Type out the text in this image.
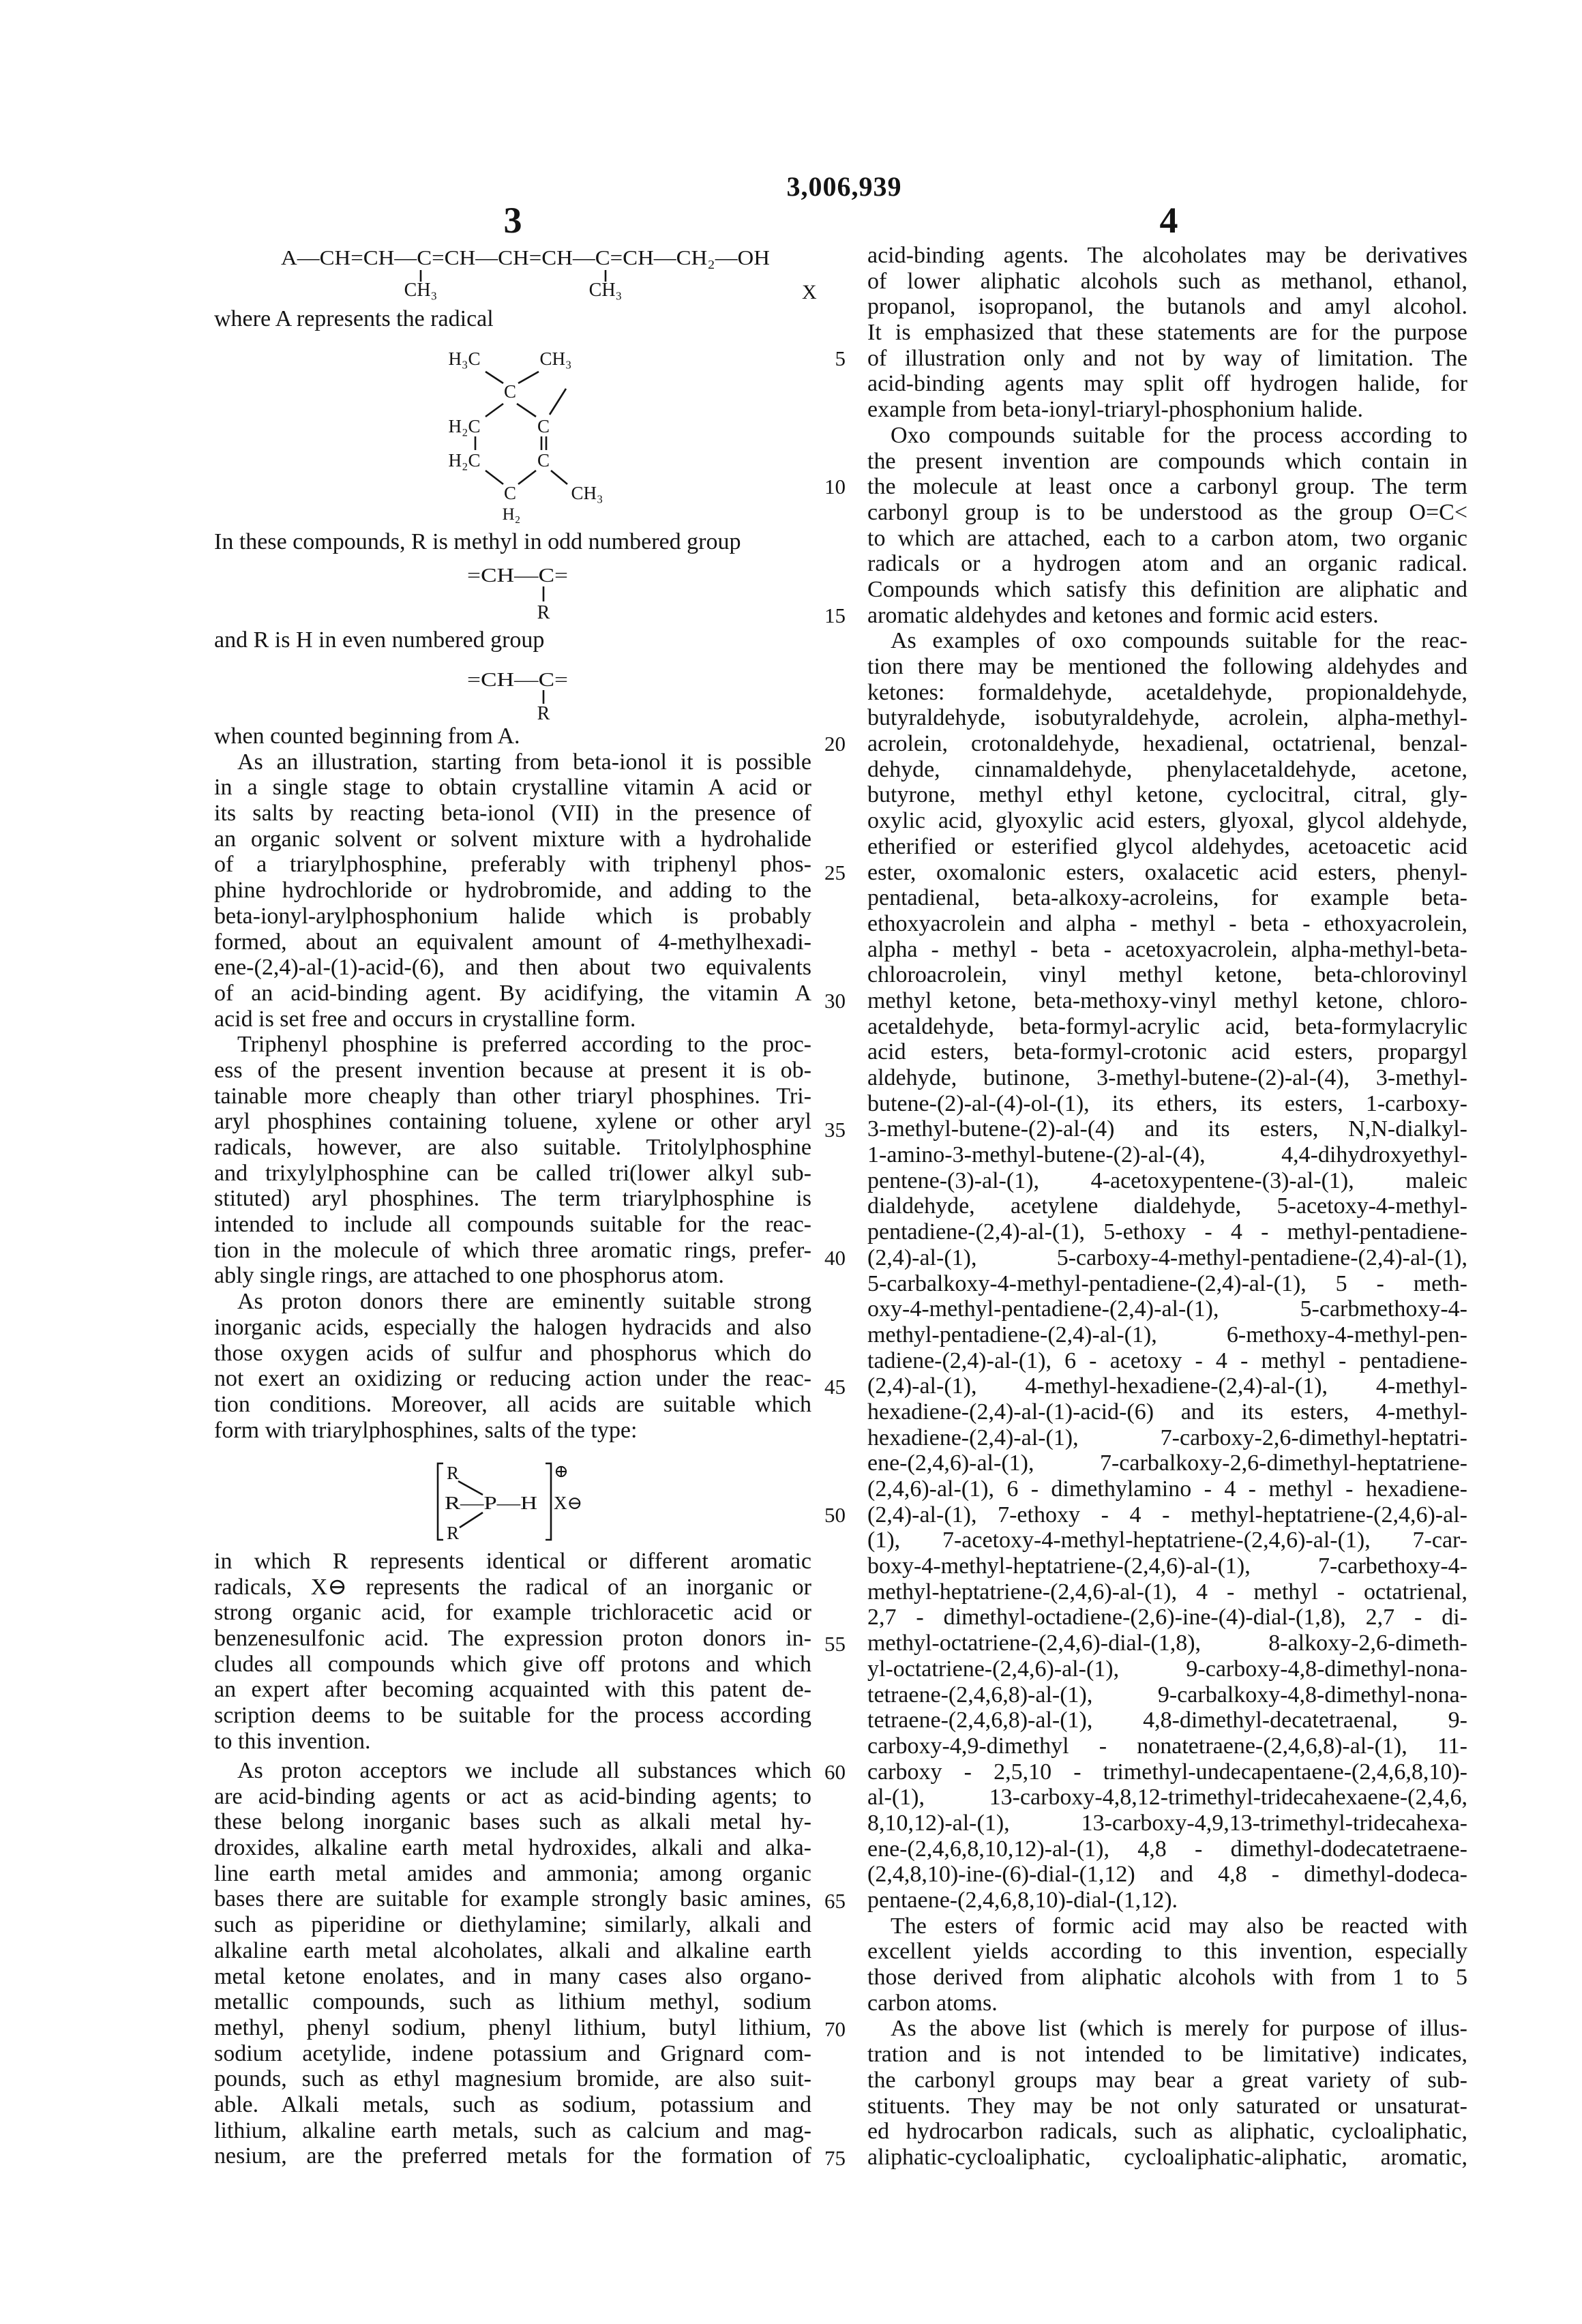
3,006,939
3	4
A—CH=CH—C=CH—CH=CH—C=CH—CH₂—OH
CH₃	CH₃	X
H₃C	CH₃
C
H₂C	C
H₂C	C
C
H₂
CH₃
=CH—C=
R
=CH—C=
R
R
R—P—H
R
⊕
X⊖
where A represents the radical
In these compounds, R is methyl in odd numbered group
and R is H in even numbered group
when counted beginning from A.
As an illustration, starting from beta-ionol it is possible
in a single stage to obtain crystalline vitamin A acid or
its salts by reacting beta-ionol (VII) in the presence of
an organic solvent or solvent mixture with a hydrohalide
of a triarylphosphine, preferably with triphenyl phos-
phine hydrochloride or hydrobromide, and adding to the
beta-ionyl-arylphosphonium halide which is probably
formed, about an equivalent amount of 4-methylhexadi-
ene-(2,4)-al-(1)-acid-(6), and then about two equivalents
of an acid-binding agent. By acidifying, the vitamin A
acid is set free and occurs in crystalline form.
Triphenyl phosphine is preferred according to the proc-
ess of the present invention because at present it is ob-
tainable more cheaply than other triaryl phosphines. Tri-
aryl phosphines containing toluene, xylene or other aryl
radicals, however, are also suitable. Tritolylphosphine
and trixylylphosphine can be called tri(lower alkyl sub-
stituted) aryl phosphines. The term triarylphosphine is
intended to include all compounds suitable for the reac-
tion in the molecule of which three aromatic rings, prefer-
ably single rings, are attached to one phosphorus atom.
As proton donors there are eminently suitable strong
inorganic acids, especially the halogen hydracids and also
those oxygen acids of sulfur and phosphorus which do
not exert an oxidizing or reducing action under the reac-
tion conditions. Moreover, all acids are suitable which
form with triarylphosphines, salts of the type:
in which R represents identical or different aromatic
radicals, X⊖ represents the radical of an inorganic or
strong organic acid, for example trichloracetic acid or
benzenesulfonic acid. The expression proton donors in-
cludes all compounds which give off protons and which
an expert after becoming acquainted with this patent de-
scription deems to be suitable for the process according
to this invention.
As proton acceptors we include all substances which
are acid-binding agents or act as acid-binding agents; to
these belong inorganic bases such as alkali metal hy-
droxides, alkaline earth metal hydroxides, alkali and alka-
line earth metal amides and ammonia; among organic
bases there are suitable for example strongly basic amines,
such as piperidine or diethylamine; similarly, alkali and
alkaline earth metal alcoholates, alkali and alkaline earth
metal ketone enolates, and in many cases also organo-
metallic compounds, such as lithium methyl, sodium
methyl, phenyl sodium, phenyl lithium, butyl lithium,
sodium acetylide, indene potassium and Grignard com-
pounds, such as ethyl magnesium bromide, are also suit-
able. Alkali metals, such as sodium, potassium and
lithium, alkaline earth metals, such as calcium and mag-
nesium, are the preferred metals for the formation of
acid-binding agents. The alcoholates may be derivatives
of lower aliphatic alcohols such as methanol, ethanol,
propanol, isopropanol, the butanols and amyl alcohol.
It is emphasized that these statements are for the purpose
of illustration only and not by way of limitation. The
acid-binding agents may split off hydrogen halide, for
example from beta-ionyl-triaryl-phosphonium halide.
Oxo compounds suitable for the process according to
the present invention are compounds which contain in
the molecule at least once a carbonyl group. The term
carbonyl group is to be understood as the group O=C<
to which are attached, each to a carbon atom, two organic
radicals or a hydrogen atom and an organic radical.
Compounds which satisfy this definition are aliphatic and
aromatic aldehydes and ketones and formic acid esters.
As examples of oxo compounds suitable for the reac-
tion there may be mentioned the following aldehydes and
ketones: formaldehyde, acetaldehyde, propionaldehyde,
butyraldehyde, isobutyraldehyde, acrolein, alpha-methyl-
acrolein, crotonaldehyde, hexadienal, octatrienal, benzal-
dehyde, cinnamaldehyde, phenylacetaldehyde, acetone,
butyrone, methyl ethyl ketone, cyclocitral, citral, gly-
oxylic acid, glyoxylic acid esters, glyoxal, glycol aldehyde,
etherified or esterified glycol aldehydes, acetoacetic acid
ester, oxomalonic esters, oxalacetic acid esters, phenyl-
pentadienal, beta-alkoxy-acroleins, for example beta-
ethoxyacrolein and alpha - methyl - beta - ethoxyacrolein,
alpha - methyl - beta - acetoxyacrolein, alpha-methyl-beta-
chloroacrolein, vinyl methyl ketone, beta-chlorovinyl
methyl ketone, beta-methoxy-vinyl methyl ketone, chloro-
acetaldehyde, beta-formyl-acrylic acid, beta-formylacrylic
acid esters, beta-formyl-crotonic acid esters, propargyl
aldehyde, butinone, 3-methyl-butene-(2)-al-(4), 3-methyl-
butene-(2)-al-(4)-ol-(1), its ethers, its esters, 1-carboxy-
3-methyl-butene-(2)-al-(4) and its esters, N,N-dialkyl-
1-amino-3-methyl-butene-(2)-al-(4), 4,4-dihydroxyethyl-
pentene-(3)-al-(1), 4-acetoxypentene-(3)-al-(1), maleic
dialdehyde, acetylene dialdehyde, 5-acetoxy-4-methyl-
pentadiene-(2,4)-al-(1), 5-ethoxy - 4 - methyl-pentadiene-
(2,4)-al-(1), 5-carboxy-4-methyl-pentadiene-(2,4)-al-(1),
5-carbalkoxy-4-methyl-pentadiene-(2,4)-al-(1), 5 - meth-
oxy-4-methyl-pentadiene-(2,4)-al-(1), 5-carbmethoxy-4-
methyl-pentadiene-(2,4)-al-(1), 6-methoxy-4-methyl-pen-
tadiene-(2,4)-al-(1), 6 - acetoxy - 4 - methyl - pentadiene-
(2,4)-al-(1), 4-methyl-hexadiene-(2,4)-al-(1), 4-methyl-
hexadiene-(2,4)-al-(1)-acid-(6) and its esters, 4-methyl-
hexadiene-(2,4)-al-(1), 7-carboxy-2,6-dimethyl-heptatri-
ene-(2,4,6)-al-(1), 7-carbalkoxy-2,6-dimethyl-heptatriene-
(2,4,6)-al-(1), 6 - dimethylamino - 4 - methyl - hexadiene-
(2,4)-al-(1), 7-ethoxy - 4 - methyl-heptatriene-(2,4,6)-al-
(1), 7-acetoxy-4-methyl-heptatriene-(2,4,6)-al-(1), 7-car-
boxy-4-methyl-heptatriene-(2,4,6)-al-(1), 7-carbethoxy-4-
methyl-heptatriene-(2,4,6)-al-(1), 4 - methyl - octatrienal,
2,7 - dimethyl-octadiene-(2,6)-ine-(4)-dial-(1,8), 2,7 - di-
methyl-octatriene-(2,4,6)-dial-(1,8), 8-alkoxy-2,6-dimeth-
yl-octatriene-(2,4,6)-al-(1), 9-carboxy-4,8-dimethyl-nona-
tetraene-(2,4,6,8)-al-(1), 9-carbalkoxy-4,8-dimethyl-nona-
tetraene-(2,4,6,8)-al-(1), 4,8-dimethyl-decatetraenal, 9-
carboxy-4,9-dimethyl - nonatetraene-(2,4,6,8)-al-(1), 11-
carboxy - 2,5,10 - trimethyl-undecapentaene-(2,4,6,8,10)-
al-(1), 13-carboxy-4,8,12-trimethyl-tridecahexaene-(2,4,6,
8,10,12)-al-(1), 13-carboxy-4,9,13-trimethyl-tridecahexa-
ene-(2,4,6,8,10,12)-al-(1), 4,8 - dimethyl-dodecatetraene-
(2,4,8,10)-ine-(6)-dial-(1,12) and 4,8 - dimethyl-dodeca-
pentaene-(2,4,6,8,10)-dial-(1,12).
The esters of formic acid may also be reacted with
excellent yields according to this invention, especially
those derived from aliphatic alcohols with from 1 to 5
carbon atoms.
As the above list (which is merely for purpose of illus-
tration and is not intended to be limitative) indicates,
the carbonyl groups may bear a great variety of sub-
stituents. They may be not only saturated or unsaturat-
ed hydrocarbon radicals, such as aliphatic, cycloaliphatic,
aliphatic-cycloaliphatic, cycloaliphatic-aliphatic, aromatic,
5
10
15
20
25
30
35
40
45
50
55
60
65
70
75
